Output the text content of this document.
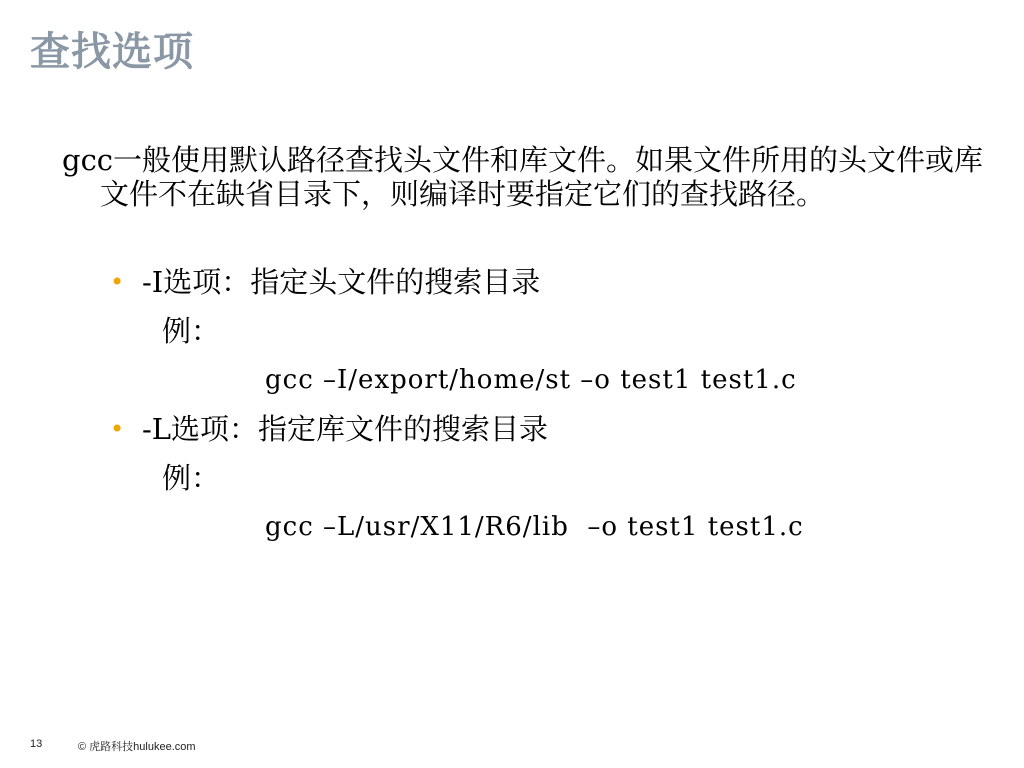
查找选项
gcc一般使用默认路径查找头文件和库文件。如果文件所用的头文件或库文件不在缺省目录下，则编译时要指定它们的查找路径。
• -I选项：指定头文件的搜索目录
例：
gcc –I/export/home/st –o test1 test1.c
• -L选项：指定库文件的搜索目录
例：
gcc –L/usr/X11/R6/lib  –o test1 test1.c
13	© 虎路科技hulukee.com
